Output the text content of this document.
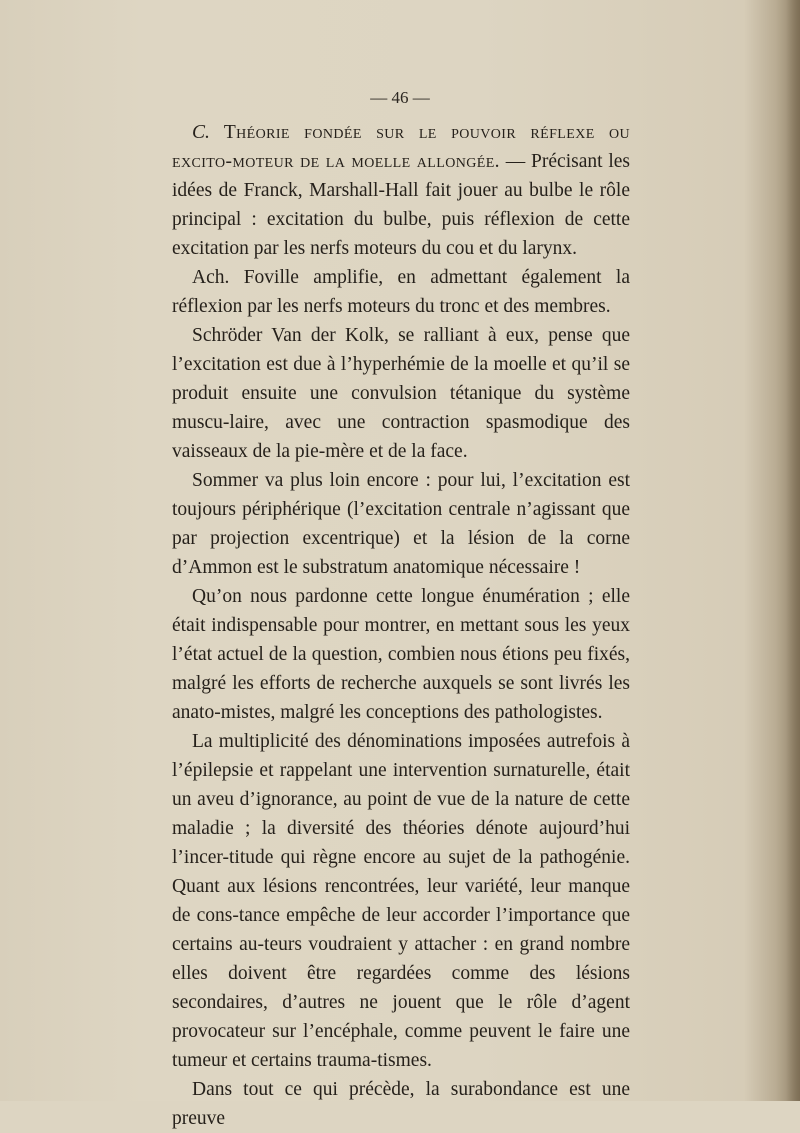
— 46 —

C. Théorie fondée sur le pouvoir réflexe ou excito-moteur de la moelle allongée. — Précisant les idées de Franck, Marshall-Hall fait jouer au bulbe le rôle principal : excitation du bulbe, puis réflexion de cette excitation par les nerfs moteurs du cou et du larynx.

Ach. Foville amplifie, en admettant également la réflexion par les nerfs moteurs du tronc et des membres.

Schröder Van der Kolk, se ralliant à eux, pense que l’excitation est due à l’hyperhémie de la moelle et qu’il se produit ensuite une convulsion tétanique du système muscu-laire, avec une contraction spasmodique des vaisseaux de la pie-mère et de la face.

Sommer va plus loin encore : pour lui, l’excitation est toujours périphérique (l’excitation centrale n’agissant que par projection excentrique) et la lésion de la corne d’Ammon est le substratum anatomique nécessaire !

Qu’on nous pardonne cette longue énumération ; elle était indispensable pour montrer, en mettant sous les yeux l’état actuel de la question, combien nous étions peu fixés, malgré les efforts de recherche auxquels se sont livrés les anato-mistes, malgré les conceptions des pathologistes.

La multiplicité des dénominations imposées autrefois à l’épilepsie et rappelant une intervention surnaturelle, était un aveu d’ignorance, au point de vue de la nature de cette maladie ; la diversité des théories dénote aujourd’hui l’incer-titude qui règne encore au sujet de la pathogénie. Quant aux lésions rencontrées, leur variété, leur manque de cons-tance empêche de leur accorder l’importance que certains au-teurs voudraient y attacher : en grand nombre elles doivent être regardées comme des lésions secondaires, d’autres ne jouent que le rôle d’agent provocateur sur l’encéphale, comme peuvent le faire une tumeur et certains trauma-tismes.

Dans tout ce qui précède, la surabondance est une preuve
